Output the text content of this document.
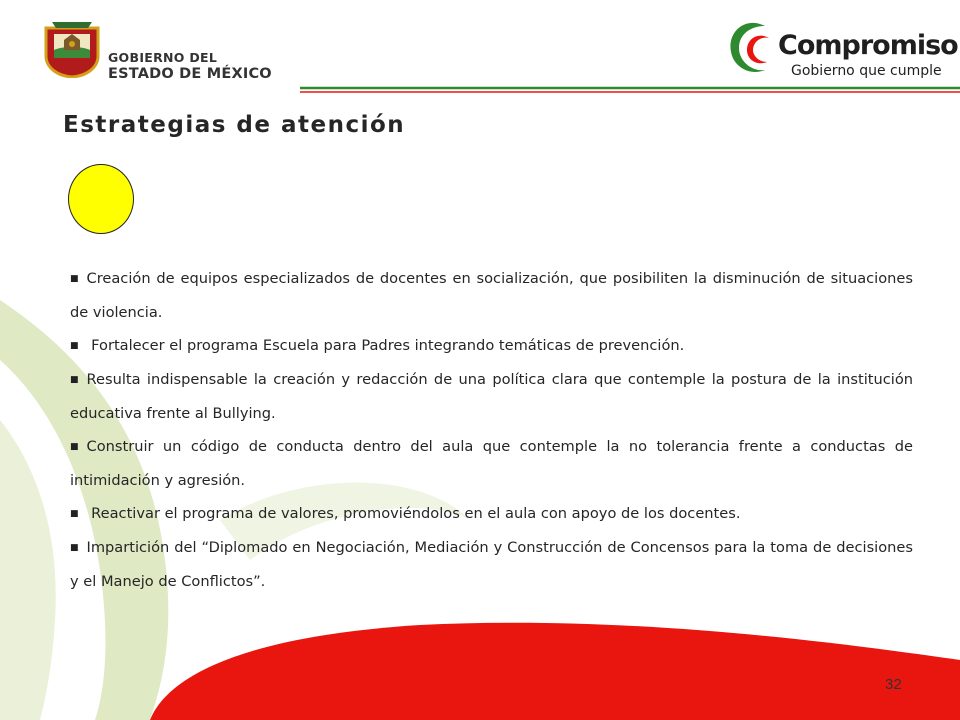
GOBIERNO DEL
ESTADO DE MÉXICO
Compromiso
Gobierno que cumple
Estrategias de atención
■ Creación de equipos especializados de docentes en socialización, que posibiliten la disminución de situaciones de violencia.
■ Fortalecer el programa Escuela para Padres integrando temáticas de prevención.
■ Resulta indispensable la creación y redacción de una política clara que contemple la postura de la institución educativa frente al Bullying.
■ Construir un código de conducta dentro del aula que contemple la no tolerancia frente a conductas de intimidación y agresión.
■ Reactivar el programa de valores, promoviéndolos en el aula con apoyo de los docentes.
■ Impartición del “Diplomado en Negociación, Mediación y Construcción de Concensos para la toma de decisiones y el Manejo de Conflictos”.
32
